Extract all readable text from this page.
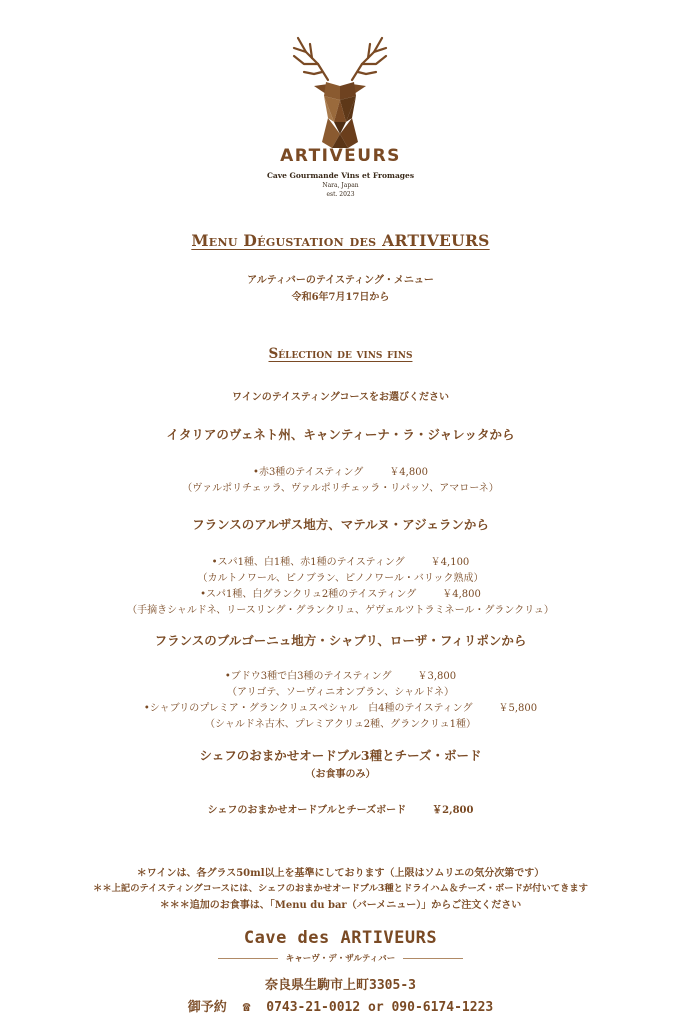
ARTIVEURS
Cave Gourmande Vins et Fromages
Nara, Japan
est. 2023
Menu Dégustation des ARTIVEURS
アルティバーのテイスティング・メニュー
令和6年7月17日から
Sélection de vins fins
ワインのテイスティングコースをお選びください
イタリアのヴェネト州、キャンティーナ・ラ・ジャレッタから
•赤3種のテイスティング	￥4,800
（ヴァルポリチェッラ、ヴァルポリチェッラ・リパッソ、アマローネ）
フランスのアルザス地方、マテルヌ・アジェランから
•スパ1種、白1種、赤1種のテイスティング	￥4,100
（カルトノワール、ピノブラン、ピノノワール・バリック熟成）
•スパ1種、白グランクリュ2種のテイスティング	￥4,800
（手摘きシャルドネ、リースリング・グランクリュ、ゲヴェルツトラミネール・グランクリュ）
フランスのブルゴーニュ地方・シャブリ、ローザ・フィリポンから
•ブドウ3種で白3種のテイスティング	￥3,800
（アリゴテ、ソーヴィニオンブラン、シャルドネ）
•シャブリのプレミア・グランクリュスペシャル　白4種のテイスティング	￥5,800
（シャルドネ古木、プレミアクリュ2種、グランクリュ1種）
シェフのおまかせオードブル3種とチーズ・ボード
（お食事のみ）
シェフのおまかせオードブルとチーズボード	￥2,800
＊ワインは、各グラス50ml以上を基準にしております（上限はソムリエの気分次第です）
＊＊上記のテイスティングコースには、シェフのおまかせオードブル3種とドライハム＆チーズ・ボードが付いてきます
＊＊＊追加のお食事は、「Menu du bar（バーメニュー）」からご注文ください
Cave des ARTIVEURS
キャーヴ・デ・ザルティバー
奈良県生駒市上町3305-3
御予約 ☎ 0743-21-0012 or 090-6174-1223
